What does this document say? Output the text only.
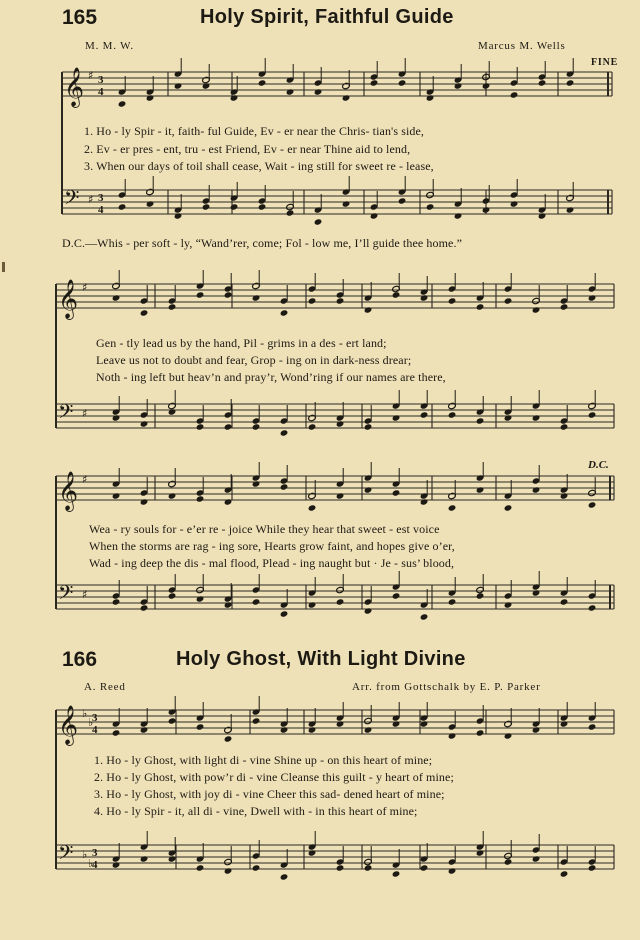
165	Holy Spirit, Faithful Guide
M. M. W.	Marcus M. Wells
FINE
1. Ho - ly Spir - it, faith- ful Guide, Ev - er near the Chris- tian's side,
2. Ev - er pres - ent, tru - est Friend, Ev - er near Thine aid to lend,
3. When our days of toil shall cease, Wait - ing still for sweet re - lease,
D.C.—Whis - per soft - ly, “Wand’rer, come; Fol - low me, I’ll guide thee home.”
Gen - tly lead us by the hand, Pil - grims in a des - ert land;
Leave us not to doubt and fear, Grop - ing on in dark-ness drear;
Noth - ing left but heav’n and pray’r, Wond’ring if our names are there,
D.C.
Wea - ry souls for - e’er re - joice While they hear that sweet - est voice
When the storms are rag - ing sore, Hearts grow faint, and hopes give o’er,
Wad - ing deep the dis - mal flood, Plead - ing naught but · Je - sus’ blood,
166	Holy Ghost, With Light Divine
A. Reed	Arr. from Gottschalk by E. P. Parker
1. Ho - ly Ghost, with light di - vine Shine up - on this heart of mine;
2. Ho - ly Ghost, with pow’r di - vine Cleanse this guilt - y heart of mine;
3. Ho - ly Ghost, with joy di - vine Cheer this sad- dened heart of mine;
4. Ho - ly Spir - it, all di - vine, Dwell with - in this heart of mine;
𝄞
𝄢
♯
♯
3
4
3
4
𝄞
𝄢
♯
♯
𝄞
𝄢
♯
♯
𝄞
𝄢
♭
♭
♭
♭
3
4
3
4
